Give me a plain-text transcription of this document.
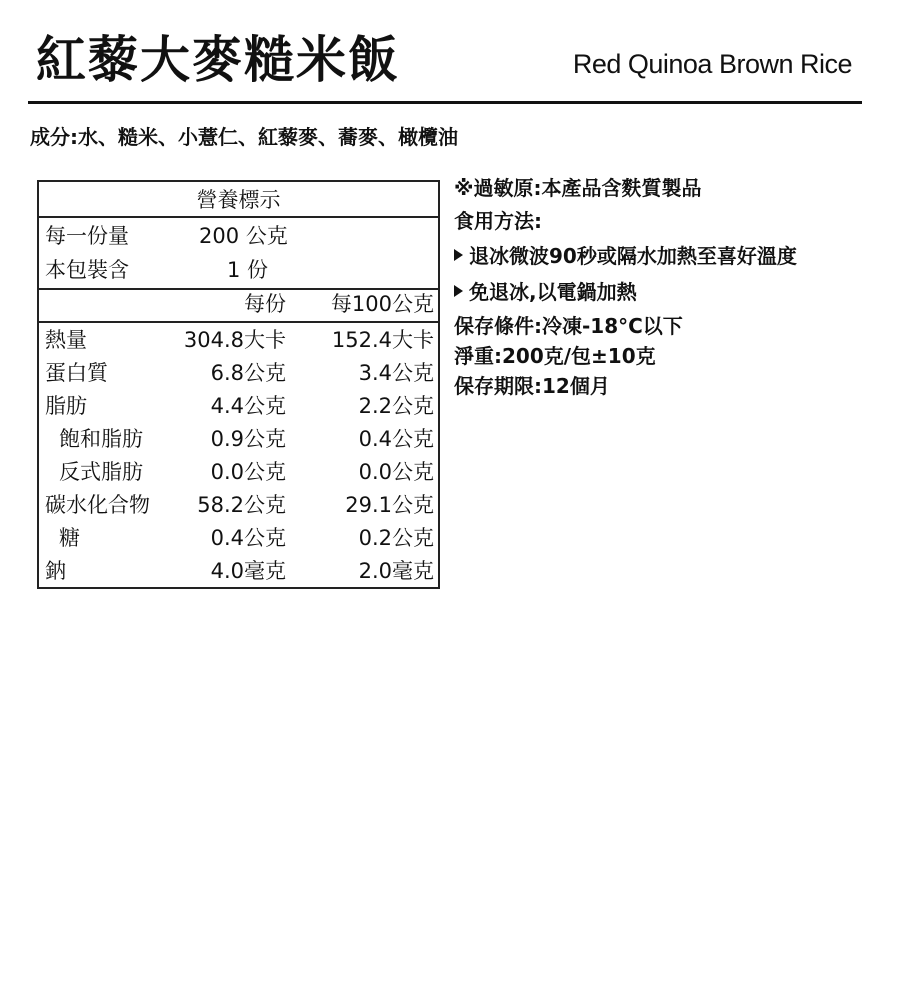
紅藜大麥糙米飯	Red Quinoa Brown Rice
成分:水、糙米、小薏仁、紅藜麥、蕎麥、橄欖油
營養標示
每一份量	200 公克
本包裝含	1 份
每份 每100公克
熱量	304.8大卡 152.4大卡
蛋白質	6.8公克	3.4公克
脂肪	4.4公克	2.2公克
飽和脂肪	0.9公克	0.4公克
反式脂肪	0.0公克	0.0公克
碳水化合物 58.2公克	29.1公克
糖	0.4公克	0.2公克
鈉	4.0毫克	2.0毫克
※過敏原:本產品含麩質製品
食用方法:
退冰微波90秒或隔水加熱至喜好溫度
免退冰,以電鍋加熱
保存條件:冷凍-18°C以下
淨重:200克/包±10克
保存期限:12個月
